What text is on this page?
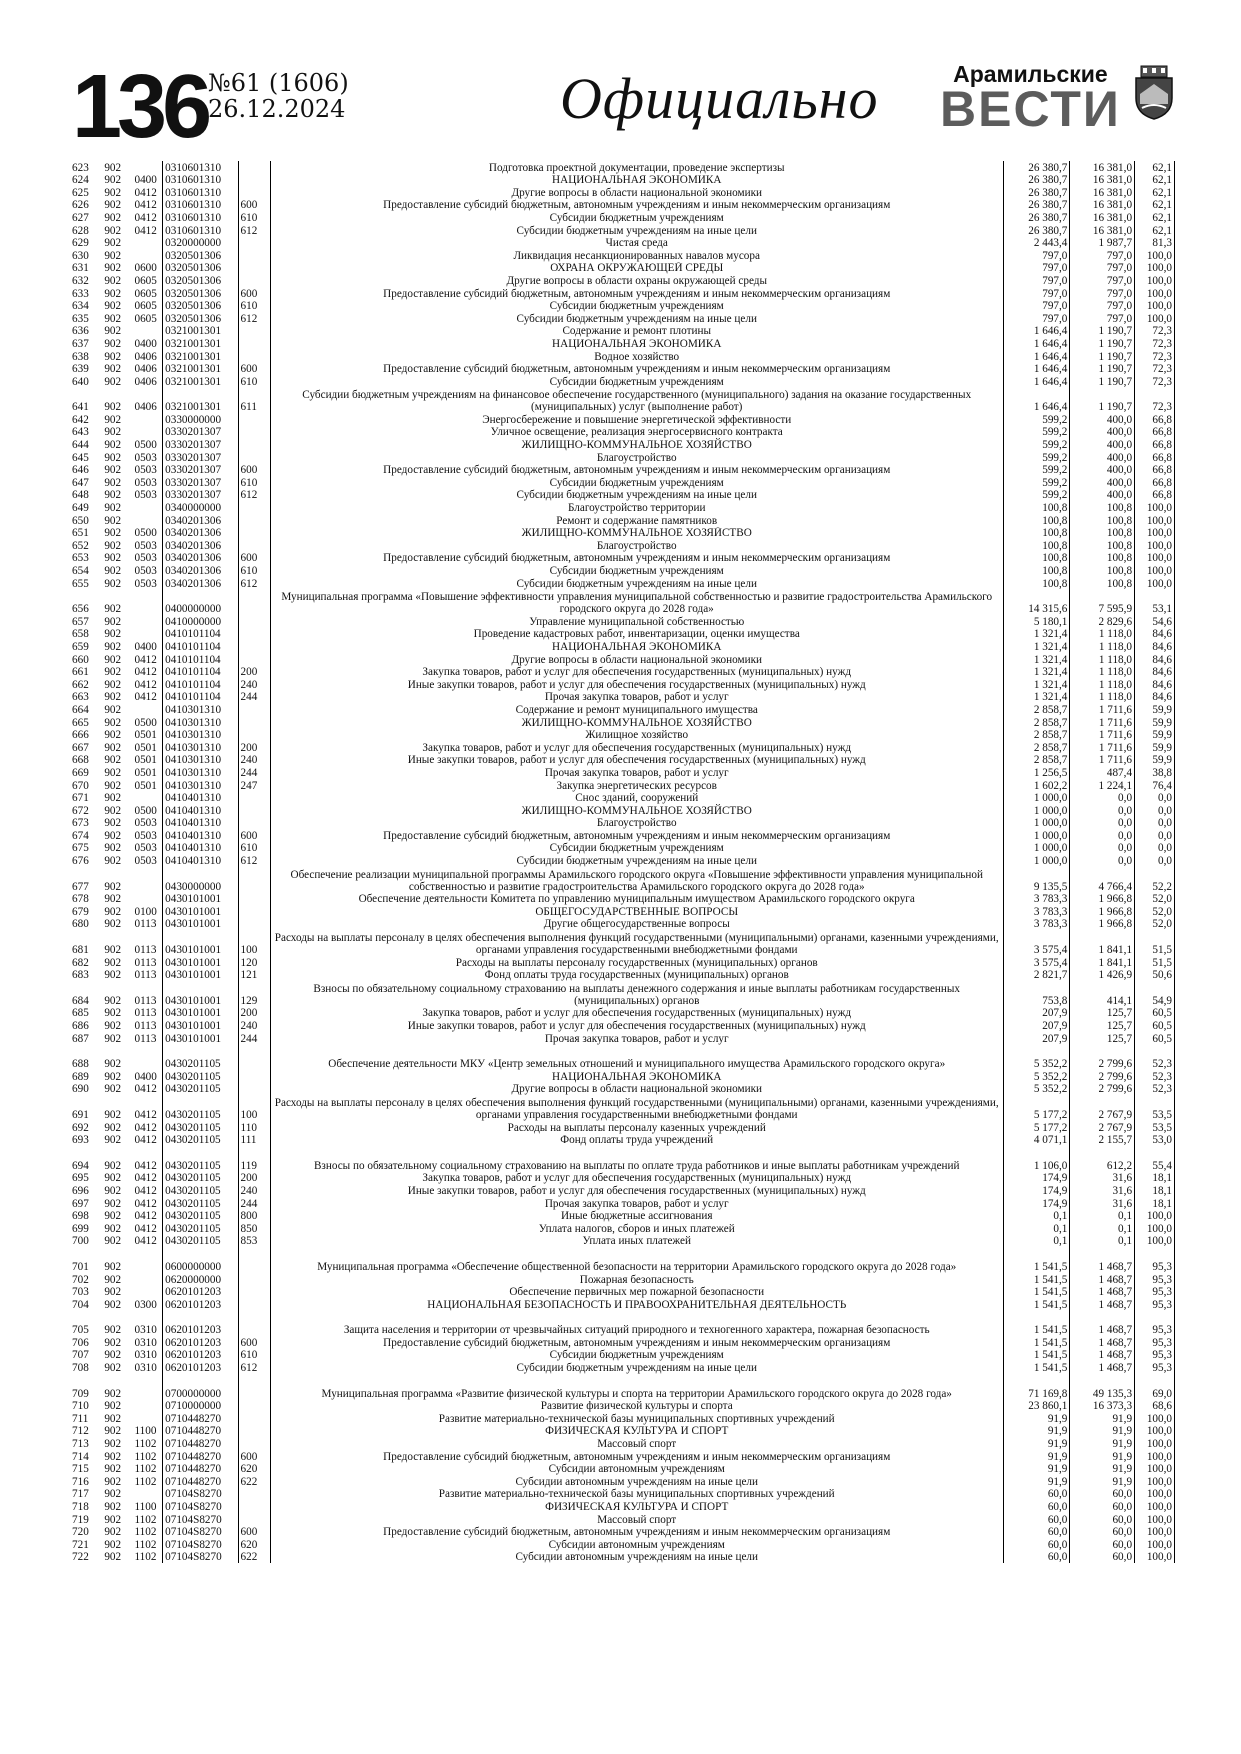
136 №61 (1606)
26.12.2024	Официально	Арамильские
ВЕСТИ
623	902		0310601310		Подготовка проектной документации, проведение экспертизы	26 380,7	16 381,0	62,1
624	902	0400	0310601310		НАЦИОНАЛЬНАЯ ЭКОНОМИКА	26 380,7	16 381,0	62,1
625	902	0412	0310601310		Другие вопросы в области национальной экономики	26 380,7	16 381,0	62,1
626	902	0412	0310601310	600	Предоставление субсидий бюджетным, автономным учреждениям и иным некоммерческим организациям	26 380,7	16 381,0	62,1
627	902	0412	0310601310	610	Субсидии бюджетным учреждениям	26 380,7	16 381,0	62,1
628	902	0412	0310601310	612	Субсидии бюджетным учреждениям на иные цели	26 380,7	16 381,0	62,1
629	902		0320000000		Чистая среда	2 443,4	1 987,7	81,3
630	902		0320501306		Ликвидация несанкционированных навалов мусора	797,0	797,0	100,0
631	902	0600	0320501306		ОХРАНА ОКРУЖАЮЩЕЙ СРЕДЫ	797,0	797,0	100,0
632	902	0605	0320501306		Другие вопросы в области охраны окружающей среды	797,0	797,0	100,0
633	902	0605	0320501306	600	Предоставление субсидий бюджетным, автономным учреждениям и иным некоммерческим организациям	797,0	797,0	100,0
634	902	0605	0320501306	610	Субсидии бюджетным учреждениям	797,0	797,0	100,0
635	902	0605	0320501306	612	Субсидии бюджетным учреждениям на иные цели	797,0	797,0	100,0
636	902		0321001301		Содержание и ремонт плотины	1 646,4	1 190,7	72,3
637	902	0400	0321001301		НАЦИОНАЛЬНАЯ ЭКОНОМИКА	1 646,4	1 190,7	72,3
638	902	0406	0321001301		Водное хозяйство	1 646,4	1 190,7	72,3
639	902	0406	0321001301	600	Предоставление субсидий бюджетным, автономным учреждениям и иным некоммерческим организациям	1 646,4	1 190,7	72,3
640	902	0406	0321001301	610	Субсидии бюджетным учреждениям	1 646,4	1 190,7	72,3
641	902	0406	0321001301	611	Субсидии бюджетным учреждениям на финансовое обеспечение государственного (муниципального) задания на оказание государственных (муниципальных) услуг (выполнение работ)	1 646,4	1 190,7	72,3
642	902		0330000000		Энергосбережение и повышение энергетической эффективности	599,2	400,0	66,8
643	902		0330201307		Уличное освещение, реализация энергосервисного контракта	599,2	400,0	66,8
644	902	0500	0330201307		ЖИЛИЩНО-КОММУНАЛЬНОЕ ХОЗЯЙСТВО	599,2	400,0	66,8
645	902	0503	0330201307		Благоустройство	599,2	400,0	66,8
646	902	0503	0330201307	600	Предоставление субсидий бюджетным, автономным учреждениям и иным некоммерческим организациям	599,2	400,0	66,8
647	902	0503	0330201307	610	Субсидии бюджетным учреждениям	599,2	400,0	66,8
648	902	0503	0330201307	612	Субсидии бюджетным учреждениям на иные цели	599,2	400,0	66,8
649	902		0340000000		Благоустройство территории	100,8	100,8	100,0
650	902		0340201306		Ремонт и содержание памятников	100,8	100,8	100,0
651	902	0500	0340201306		ЖИЛИЩНО-КОММУНАЛЬНОЕ ХОЗЯЙСТВО	100,8	100,8	100,0
652	902	0503	0340201306		Благоустройство	100,8	100,8	100,0
653	902	0503	0340201306	600	Предоставление субсидий бюджетным, автономным учреждениям и иным некоммерческим организациям	100,8	100,8	100,0
654	902	0503	0340201306	610	Субсидии бюджетным учреждениям	100,8	100,8	100,0
655	902	0503	0340201306	612	Субсидии бюджетным учреждениям на иные цели	100,8	100,8	100,0
656	902		0400000000		Муниципальная программа «Повышение эффективности управления муниципальной собственностью и развитие градостроительства Арамильского городского округа до 2028 года»	14 315,6	7 595,9	53,1
657	902		0410000000		Управление муниципальной собственностью	5 180,1	2 829,6	54,6
658	902		0410101104		Проведение кадастровых работ, инвентаризации, оценки имущества	1 321,4	1 118,0	84,6
659	902	0400	0410101104		НАЦИОНАЛЬНАЯ ЭКОНОМИКА	1 321,4	1 118,0	84,6
660	902	0412	0410101104		Другие вопросы в области национальной экономики	1 321,4	1 118,0	84,6
661	902	0412	0410101104	200	Закупка товаров, работ и услуг для обеспечения государственных (муниципальных) нужд	1 321,4	1 118,0	84,6
662	902	0412	0410101104	240	Иные закупки товаров, работ и услуг для обеспечения государственных (муниципальных) нужд	1 321,4	1 118,0	84,6
663	902	0412	0410101104	244	Прочая закупка товаров, работ и услуг	1 321,4	1 118,0	84,6
664	902		0410301310		Содержание и ремонт муниципального имущества	2 858,7	1 711,6	59,9
665	902	0500	0410301310		ЖИЛИЩНО-КОММУНАЛЬНОЕ ХОЗЯЙСТВО	2 858,7	1 711,6	59,9
666	902	0501	0410301310		Жилищное хозяйство	2 858,7	1 711,6	59,9
667	902	0501	0410301310	200	Закупка товаров, работ и услуг для обеспечения государственных (муниципальных) нужд	2 858,7	1 711,6	59,9
668	902	0501	0410301310	240	Иные закупки товаров, работ и услуг для обеспечения государственных (муниципальных) нужд	2 858,7	1 711,6	59,9
669	902	0501	0410301310	244	Прочая закупка товаров, работ и услуг	1 256,5	487,4	38,8
670	902	0501	0410301310	247	Закупка энергетических ресурсов	1 602,2	1 224,1	76,4
671	902		0410401310		Снос зданий, сооружений	1 000,0	0,0	0,0
672	902	0500	0410401310		ЖИЛИЩНО-КОММУНАЛЬНОЕ ХОЗЯЙСТВО	1 000,0	0,0	0,0
673	902	0503	0410401310		Благоустройство	1 000,0	0,0	0,0
674	902	0503	0410401310	600	Предоставление субсидий бюджетным, автономным учреждениям и иным некоммерческим организациям	1 000,0	0,0	0,0
675	902	0503	0410401310	610	Субсидии бюджетным учреждениям	1 000,0	0,0	0,0
676	902	0503	0410401310	612	Субсидии бюджетным учреждениям на иные цели	1 000,0	0,0	0,0
677	902		0430000000		Обеспечение реализации муниципальной программы Арамильского городского округа «Повышение эффективности управления муниципальной собственностью и развитие градостроительства Арамильского городского округа до 2028 года»	9 135,5	4 766,4	52,2
678	902		0430101001		Обеспечение деятельности Комитета по управлению муниципальным имуществом Арамильского городского округа	3 783,3	1 966,8	52,0
679	902	0100	0430101001		ОБЩЕГОСУДАРСТВЕННЫЕ ВОПРОСЫ	3 783,3	1 966,8	52,0
680	902	0113	0430101001		Другие общегосударственные вопросы	3 783,3	1 966,8	52,0
681	902	0113	0430101001	100	Расходы на выплаты персоналу в целях обеспечения выполнения функций государственными (муниципальными) органами, казенными учреждениями, органами управления государственными внебюджетными фондами	3 575,4	1 841,1	51,5
682	902	0113	0430101001	120	Расходы на выплаты персоналу государственных (муниципальных) органов	3 575,4	1 841,1	51,5
683	902	0113	0430101001	121	Фонд оплаты труда государственных (муниципальных) органов	2 821,7	1 426,9	50,6
684	902	0113	0430101001	129	Взносы по обязательному социальному страхованию на выплаты денежного содержания и иные выплаты работникам государственных (муниципальных) органов	753,8	414,1	54,9
685	902	0113	0430101001	200	Закупка товаров, работ и услуг для обеспечения государственных (муниципальных) нужд	207,9	125,7	60,5
686	902	0113	0430101001	240	Иные закупки товаров, работ и услуг для обеспечения государственных (муниципальных) нужд	207,9	125,7	60,5
687	902	0113	0430101001	244	Прочая закупка товаров, работ и услуг	207,9	125,7	60,5
688	902		0430201105		Обеспечение деятельности МКУ «Центр земельных отношений и муниципального имущества Арамильского городского округа»	5 352,2	2 799,6	52,3
689	902	0400	0430201105		НАЦИОНАЛЬНАЯ ЭКОНОМИКА	5 352,2	2 799,6	52,3
690	902	0412	0430201105		Другие вопросы в области национальной экономики	5 352,2	2 799,6	52,3
691	902	0412	0430201105	100	Расходы на выплаты персоналу в целях обеспечения выполнения функций государственными (муниципальными) органами, казенными учреждениями, органами управления государственными внебюджетными фондами	5 177,2	2 767,9	53,5
692	902	0412	0430201105	110	Расходы на выплаты персоналу казенных учреждений	5 177,2	2 767,9	53,5
693	902	0412	0430201105	111	Фонд оплаты труда учреждений	4 071,1	2 155,7	53,0
694	902	0412	0430201105	119	Взносы по обязательному социальному страхованию на выплаты по оплате труда работников и иные выплаты работникам учреждений	1 106,0	612,2	55,4
695	902	0412	0430201105	200	Закупка товаров, работ и услуг для обеспечения государственных (муниципальных) нужд	174,9	31,6	18,1
696	902	0412	0430201105	240	Иные закупки товаров, работ и услуг для обеспечения государственных (муниципальных) нужд	174,9	31,6	18,1
697	902	0412	0430201105	244	Прочая закупка товаров, работ и услуг	174,9	31,6	18,1
698	902	0412	0430201105	800	Иные бюджетные ассигнования	0,1	0,1	100,0
699	902	0412	0430201105	850	Уплата налогов, сборов и иных платежей	0,1	0,1	100,0
700	902	0412	0430201105	853	Уплата иных платежей	0,1	0,1	100,0
701	902		0600000000		Муниципальная программа «Обеспечение общественной безопасности на территории Арамильского городского округа до 2028 года»	1 541,5	1 468,7	95,3
702	902		0620000000		Пожарная безопасность	1 541,5	1 468,7	95,3
703	902		0620101203		Обеспечение первичных мер пожарной безопасности	1 541,5	1 468,7	95,3
704	902	0300	0620101203		НАЦИОНАЛЬНАЯ БЕЗОПАСНОСТЬ И ПРАВООХРАНИТЕЛЬНАЯ ДЕЯТЕЛЬНОСТЬ	1 541,5	1 468,7	95,3
705	902	0310	0620101203		Защита населения и территории от чрезвычайных ситуаций природного и техногенного характера, пожарная безопасность	1 541,5	1 468,7	95,3
706	902	0310	0620101203	600	Предоставление субсидий бюджетным, автономным учреждениям и иным некоммерческим организациям	1 541,5	1 468,7	95,3
707	902	0310	0620101203	610	Субсидии бюджетным учреждениям	1 541,5	1 468,7	95,3
708	902	0310	0620101203	612	Субсидии бюджетным учреждениям на иные цели	1 541,5	1 468,7	95,3
709	902		0700000000		Муниципальная программа «Развитие физической культуры и спорта на территории Арамильского городского округа до 2028 года»	71 169,8	49 135,3	69,0
710	902		0710000000		Развитие физической культуры и спорта	23 860,1	16 373,3	68,6
711	902		0710448270		Развитие материально-технической базы муниципальных спортивных учреждений	91,9	91,9	100,0
712	902	1100	0710448270		ФИЗИЧЕСКАЯ КУЛЬТУРА И СПОРТ	91,9	91,9	100,0
713	902	1102	0710448270		Массовый спорт	91,9	91,9	100,0
714	902	1102	0710448270	600	Предоставление субсидий бюджетным, автономным учреждениям и иным некоммерческим организациям	91,9	91,9	100,0
715	902	1102	0710448270	620	Субсидии автономным учреждениям	91,9	91,9	100,0
716	902	1102	0710448270	622	Субсидии автономным учреждениям на иные цели	91,9	91,9	100,0
717	902		07104S8270		Развитие материально-технической базы муниципальных спортивных учреждений	60,0	60,0	100,0
718	902	1100	07104S8270		ФИЗИЧЕСКАЯ КУЛЬТУРА И СПОРТ	60,0	60,0	100,0
719	902	1102	07104S8270		Массовый спорт	60,0	60,0	100,0
720	902	1102	07104S8270	600	Предоставление субсидий бюджетным, автономным учреждениям и иным некоммерческим организациям	60,0	60,0	100,0
721	902	1102	07104S8270	620	Субсидии автономным учреждениям	60,0	60,0	100,0
722	902	1102	07104S8270	622	Субсидии автономным учреждениям на иные цели	60,0	60,0	100,0
